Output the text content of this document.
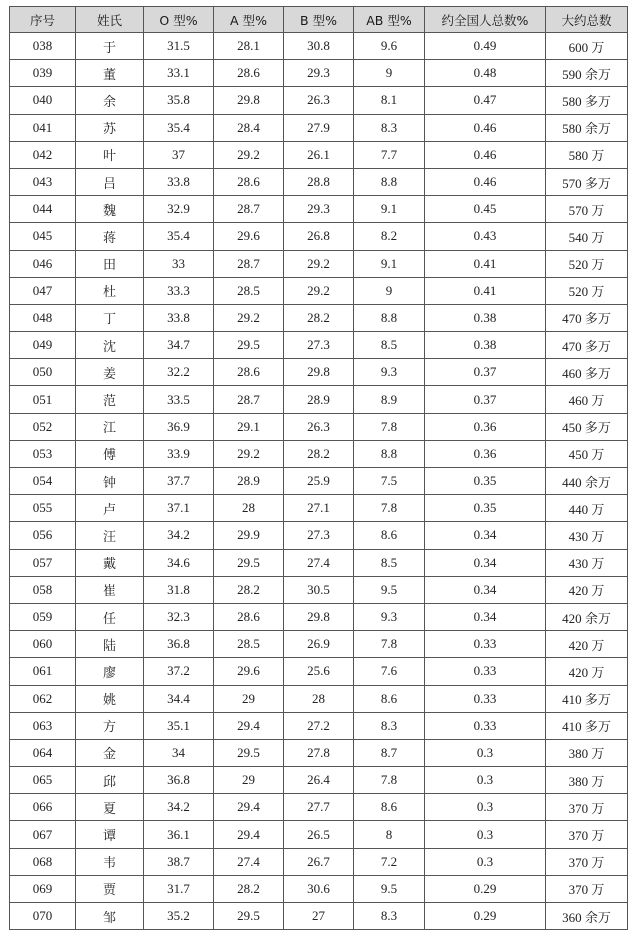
序号	姓氏	O 型%	A 型%	B 型%	AB 型%	约全国人总数%	大约总数
038	于	31.5	28.1	30.8	9.6	0.49	600 万
039	董	33.1	28.6	29.3	9	0.48	590 余万
040	余	35.8	29.8	26.3	8.1	0.47	580 多万
041	苏	35.4	28.4	27.9	8.3	0.46	580 余万
042	叶	37	29.2	26.1	7.7	0.46	580 万
043	吕	33.8	28.6	28.8	8.8	0.46	570 多万
044	魏	32.9	28.7	29.3	9.1	0.45	570 万
045	蒋	35.4	29.6	26.8	8.2	0.43	540 万
046	田	33	28.7	29.2	9.1	0.41	520 万
047	杜	33.3	28.5	29.2	9	0.41	520 万
048	丁	33.8	29.2	28.2	8.8	0.38	470 多万
049	沈	34.7	29.5	27.3	8.5	0.38	470 多万
050	姜	32.2	28.6	29.8	9.3	0.37	460 多万
051	范	33.5	28.7	28.9	8.9	0.37	460 万
052	江	36.9	29.1	26.3	7.8	0.36	450 多万
053	傅	33.9	29.2	28.2	8.8	0.36	450 万
054	钟	37.7	28.9	25.9	7.5	0.35	440 余万
055	卢	37.1	28	27.1	7.8	0.35	440 万
056	汪	34.2	29.9	27.3	8.6	0.34	430 万
057	戴	34.6	29.5	27.4	8.5	0.34	430 万
058	崔	31.8	28.2	30.5	9.5	0.34	420 万
059	任	32.3	28.6	29.8	9.3	0.34	420 余万
060	陆	36.8	28.5	26.9	7.8	0.33	420 万
061	廖	37.2	29.6	25.6	7.6	0.33	420 万
062	姚	34.4	29	28	8.6	0.33	410 多万
063	方	35.1	29.4	27.2	8.3	0.33	410 多万
064	金	34	29.5	27.8	8.7	0.3	380 万
065	邱	36.8	29	26.4	7.8	0.3	380 万
066	夏	34.2	29.4	27.7	8.6	0.3	370 万
067	谭	36.1	29.4	26.5	8	0.3	370 万
068	韦	38.7	27.4	26.7	7.2	0.3	370 万
069	贾	31.7	28.2	30.6	9.5	0.29	370 万
070	邹	35.2	29.5	27	8.3	0.29	360 余万
